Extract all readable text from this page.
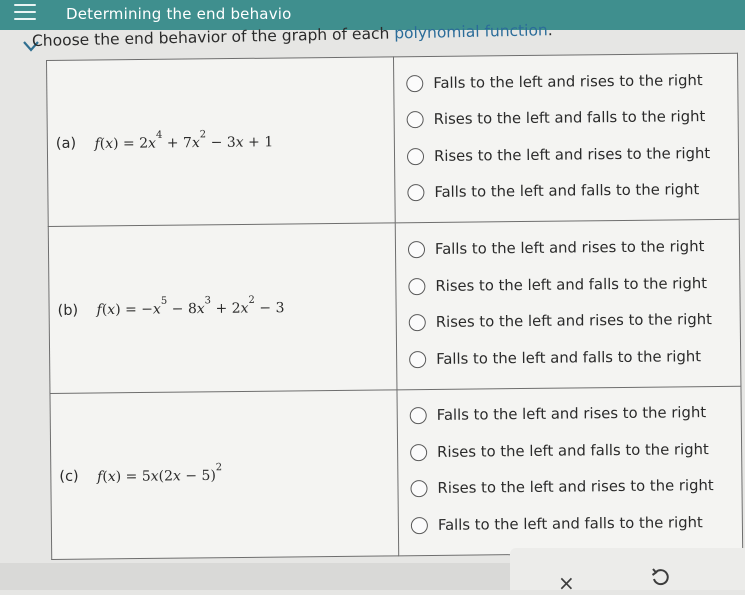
Determining the end behavio
Choose the end behavior of the graph of each polynomial function.
(a) $f(x) = 2x^4 + 7x^2 - 3x + 1$	Falls to the left and rises to the right
Rises to the left and falls to the right
Rises to the left and rises to the right
Falls to the left and falls to the right

(b) $f(x) = -x^5 - 8x^3 + 2x^2 - 3$	Falls to the left and rises to the right
Rises to the left and falls to the right
Rises to the left and rises to the right
Falls to the left and falls to the right

(c) $f(x) = 5x(2x - 5)^2$	Falls to the left and rises to the right
Rises to the left and falls to the right
Rises to the left and rises to the right
Falls to the left and falls to the right
×
